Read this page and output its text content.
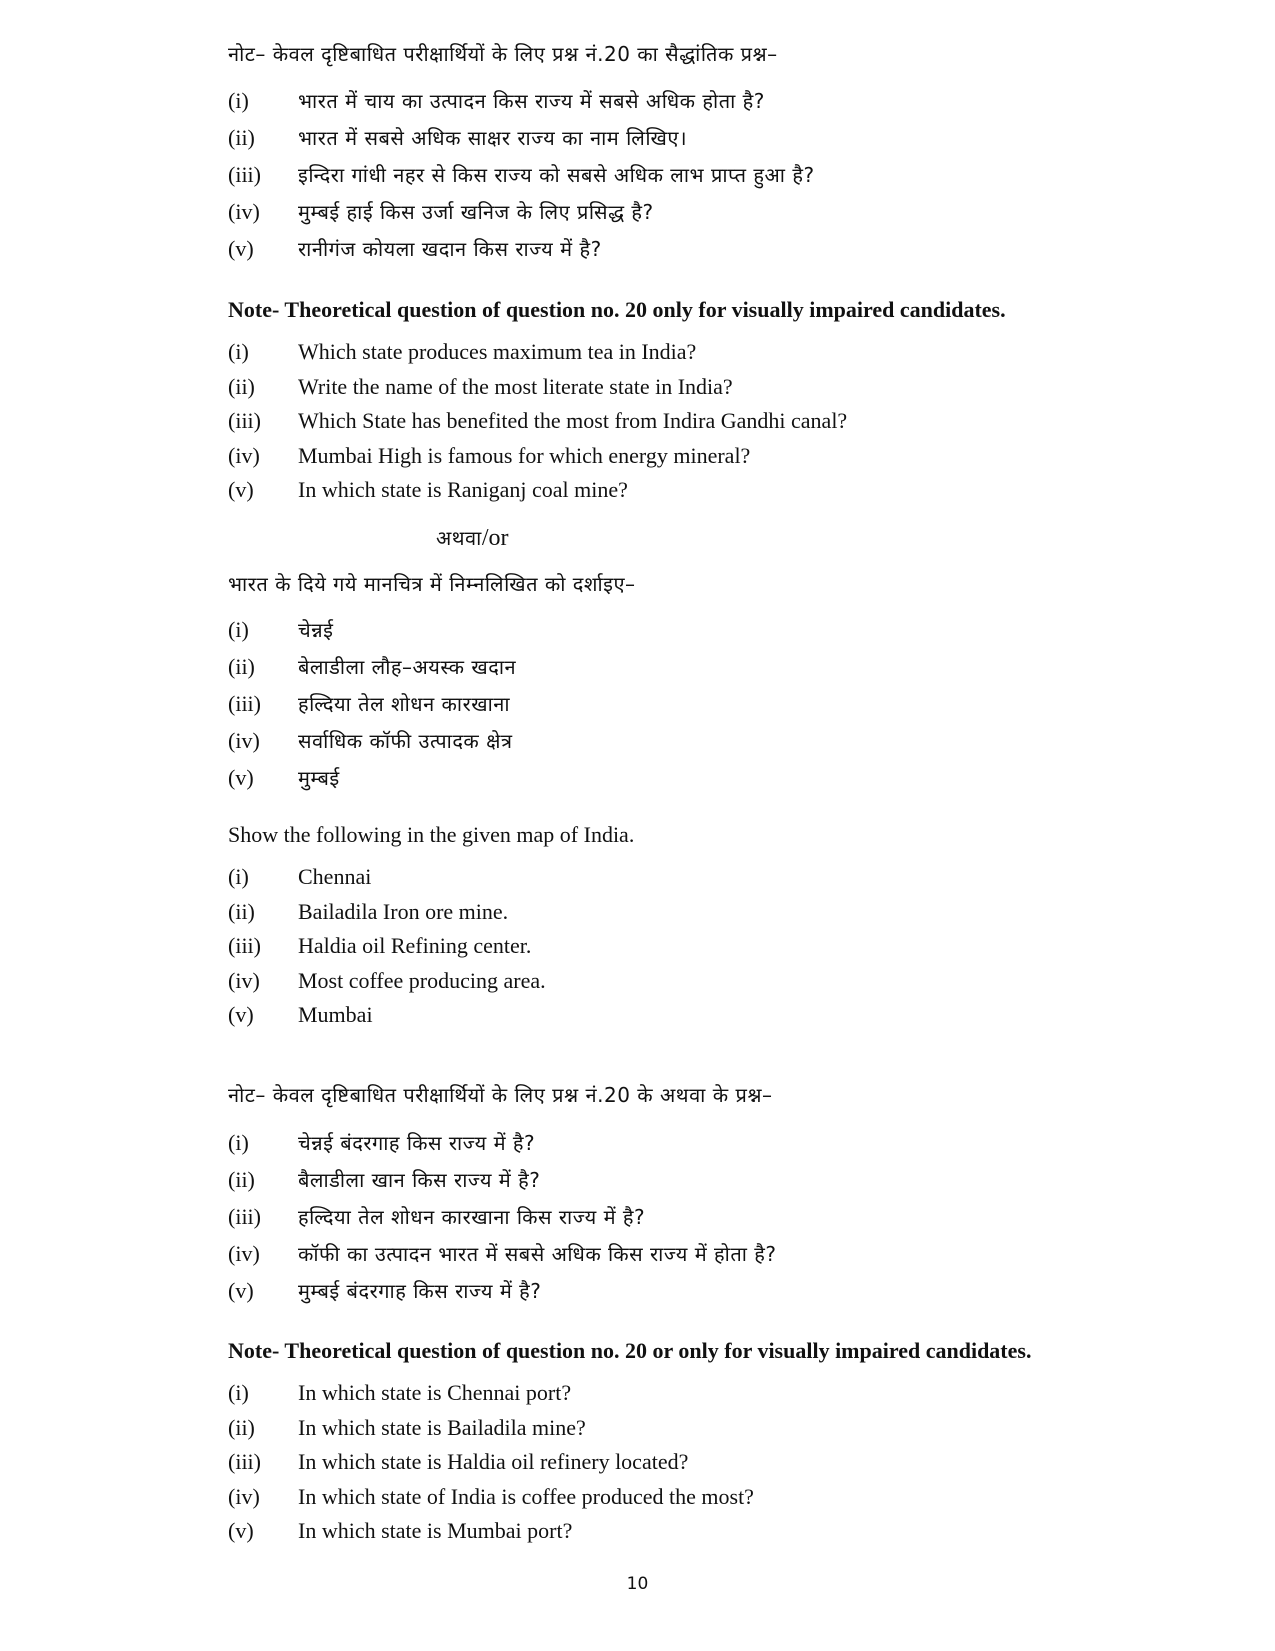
नोट– केवल दृष्टिबाधित परीक्षार्थियों के लिए प्रश्न नं.20 का सैद्धांतिक प्रश्न–
(i) भारत में चाय का उत्पादन किस राज्य में सबसे अधिक होता है?
(ii) भारत में सबसे अधिक साक्षर राज्य का नाम लिखिए।
(iii) इन्दिरा गांधी नहर से किस राज्य को सबसे अधिक लाभ प्राप्त हुआ है?
(iv) मुम्बई हाई किस उर्जा खनिज के लिए प्रसिद्ध है?
(v) रानीगंज कोयला खदान किस राज्य में है?
Note- Theoretical question of question no. 20 only for visually impaired candidates.
(i) Which state produces maximum tea in India?
(ii) Write the name of the most literate state in India?
(iii) Which State has benefited the most from Indira Gandhi canal?
(iv) Mumbai High is famous for which energy mineral?
(v) In which state is Raniganj coal mine?
अथवा/or
भारत के दिये गये मानचित्र में निम्नलिखित को दर्शाइए–
(i) चेन्नई
(ii) बेलाडीला लौह–अयस्क खदान
(iii) हल्दिया तेल शोधन कारखाना
(iv) सर्वाधिक कॉफी उत्पादक क्षेत्र
(v) मुम्बई
Show the following in the given map of India.
(i) Chennai
(ii) Bailadila Iron ore mine.
(iii) Haldia oil Refining center.
(iv) Most coffee producing area.
(v) Mumbai
नोट– केवल दृष्टिबाधित परीक्षार्थियों के लिए प्रश्न नं.20 के अथवा के प्रश्न–
(i) चेन्नई बंदरगाह किस राज्य में है?
(ii) बैलाडीला खान किस राज्य में है?
(iii) हल्दिया तेल शोधन कारखाना किस राज्य में है?
(iv) कॉफी का उत्पादन भारत में सबसे अधिक किस राज्य में होता है?
(v) मुम्बई बंदरगाह किस राज्य में है?
Note- Theoretical question of question no. 20 or only for visually impaired candidates.
(i) In which state is Chennai port?
(ii) In which state is Bailadila mine?
(iii) In which state is Haldia oil refinery located?
(iv) In which state of India is coffee produced the most?
(v) In which state is Mumbai port?
10
